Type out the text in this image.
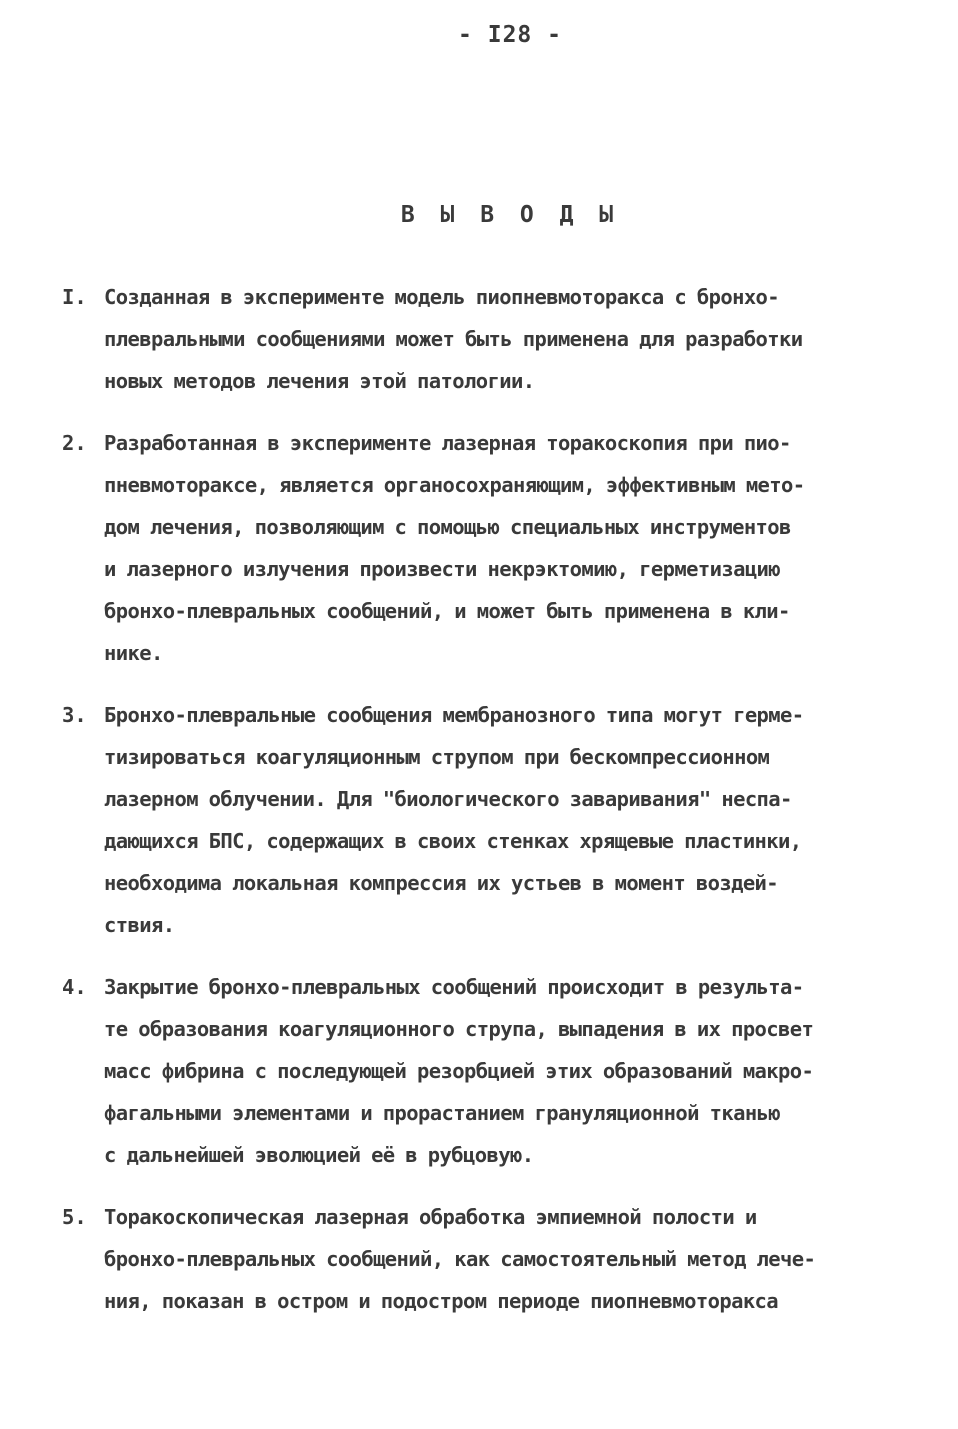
- I28 -
В Ы В О Д Ы
I. Созданная в эксперименте модель пиопневмоторакса с бронхо-
плевральными сообщениями может быть применена для разработки
новых методов лечения этой патологии.
2. Разработанная в эксперименте лазерная торакоскопия при пио-
пневмотораксе, является органосохраняющим, эффективным мето-
дом лечения, позволяющим с помощью специальных инструментов
и лазерного излучения произвести некрэктомию, герметизацию
бронхо-плевральных сообщений, и может быть применена в кли-
нике.
3. Бронхо-плевральные сообщения мембранозного типа могут герме-
тизироваться коагуляционным струпом при бескомпрессионном
лазерном облучении. Для "биологического заваривания" неспа-
дающихся БПС, содержащих в своих стенках хрящевые пластинки,
необходима локальная компрессия их устьев в момент воздей-
ствия.
4. Закрытие бронхо-плевральных сообщений происходит в результа-
те образования коагуляционного струпа, выпадения в их просвет
масс фибрина с последующей резорбцией этих образований макро-
фагальными элементами и прорастанием грануляционной тканью
с дальнейшей эволюцией её в рубцовую.
5. Торакоскопическая лазерная обработка эмпиемной полости и
бронхо-плевральных сообщений, как самостоятельный метод лече-
ния, показан в остром и подостром периоде пиопневмоторакса
